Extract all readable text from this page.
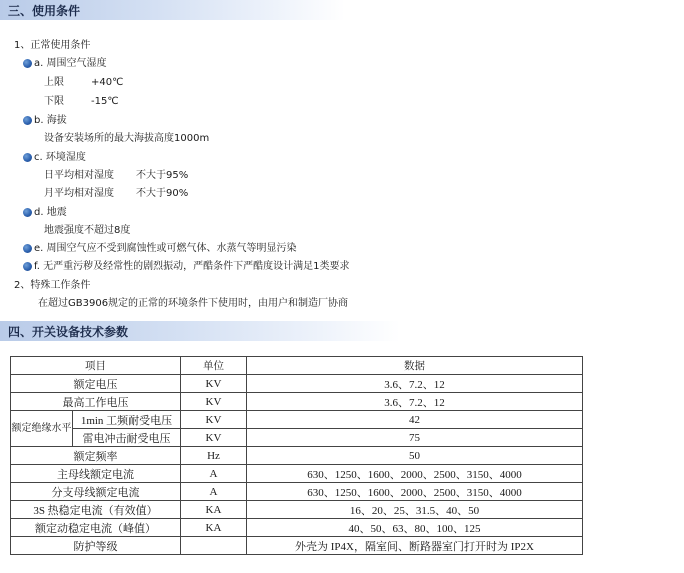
三、使用条件
1、正常使用条件
a. 周围空气湿度
上限	+40℃
下限	-15℃
b. 海拔
设备安装场所的最大海拔高度1000m
c. 环境湿度
日平均相对湿度 不大于95%
月平均相对湿度 不大于90%
d. 地震
地震强度不超过8度
e. 周围空气应不受到腐蚀性或可燃气体、水蒸气等明显污染
f. 无严重污秽及经常性的剧烈振动，严酷条件下严酷度设计满足1类要求
2、特殊工作条件
在超过GB3906规定的正常的环境条件下使用时，由用户和制造厂协商
四、开关设备技术参数
项目		单位	数据
额定电压		KV	3.6、7.2、12
最高工作电压		KV	3.6、7.2、12
额定绝缘水平	1min 工频耐受电压	KV	42
	雷电冲击耐受电压	KV	75
额定频率		Hz	50
主母线额定电流		A	630、1250、1600、2000、2500、3150、4000
分支母线额定电流		A	630、1250、1600、2000、2500、3150、4000
3S 热稳定电流（有效值）		KA	16、20、25、31.5、40、50
额定动稳定电流（峰值）		KA	40、50、63、80、100、125
防护等级			外壳为 IP4X，隔室间、断路器室门打开时为 IP2X
